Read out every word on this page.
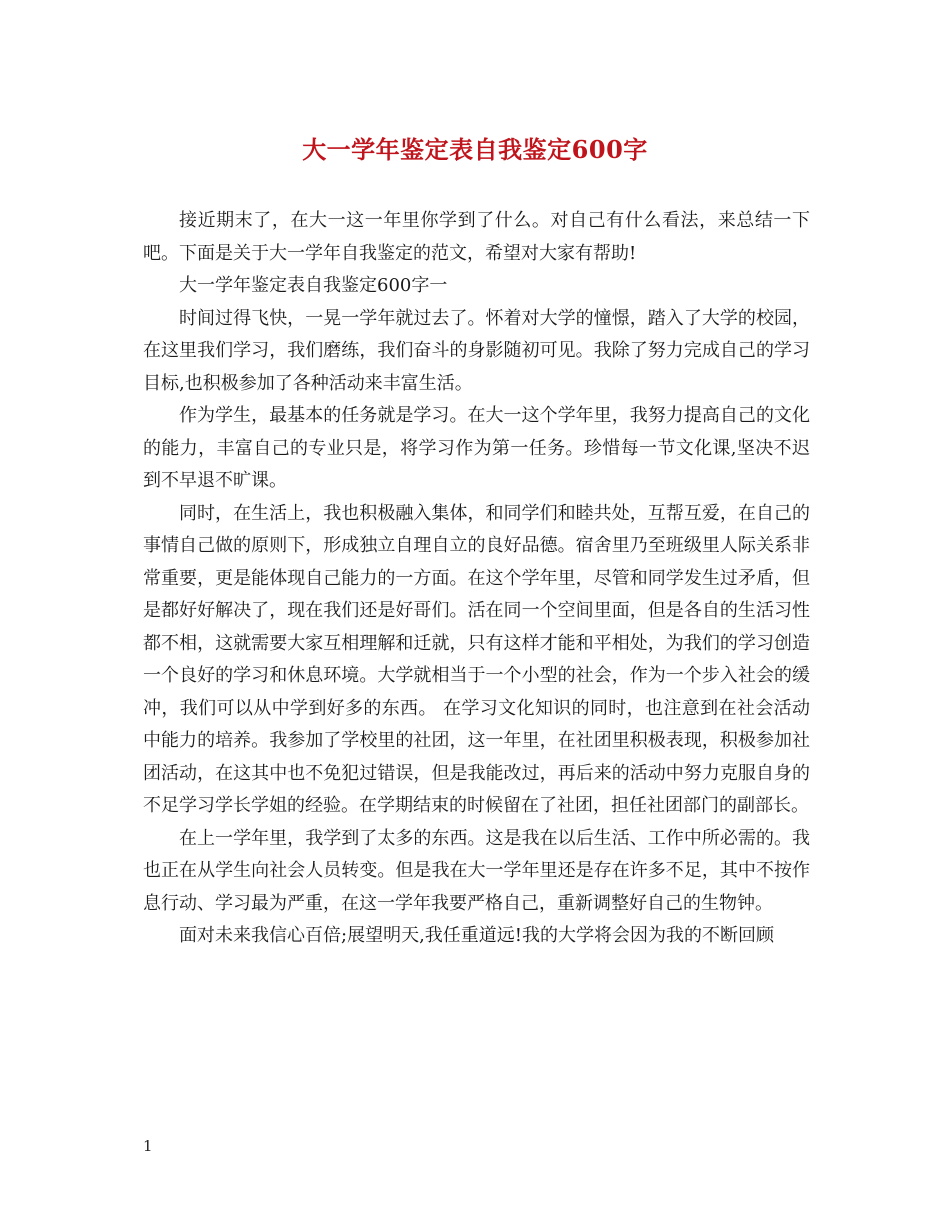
大一学年鉴定表自我鉴定600字

接近期末了，在大一这一年里你学到了什么。对自己有什么看法，来总结一下吧。下面是关于大一学年自我鉴定的范文，希望对大家有帮助!

大一学年鉴定表自我鉴定600字一

时间过得飞快，一晃一学年就过去了。怀着对大学的憧憬，踏入了大学的校园，在这里我们学习，我们磨练，我们奋斗的身影随初可见。我除了努力完成自己的学习目标,也积极参加了各种活动来丰富生活。

作为学生，最基本的任务就是学习。在大一这个学年里，我努力提高自己的文化的能力，丰富自己的专业只是，将学习作为第一任务。珍惜每一节文化课,坚决不迟到不早退不旷课。

同时，在生活上，我也积极融入集体，和同学们和睦共处，互帮互爱，在自己的事情自己做的原则下，形成独立自理自立的良好品德。宿舍里乃至班级里人际关系非常重要，更是能体现自己能力的一方面。在这个学年里，尽管和同学发生过矛盾，但是都好好解决了，现在我们还是好哥们。活在同一个空间里面，但是各自的生活习性都不相，这就需要大家互相理解和迁就，只有这样才能和平相处，为我们的学习创造一个良好的学习和休息环境。大学就相当于一个小型的社会，作为一个步入社会的缓冲，我们可以从中学到好多的东西。 在学习文化知识的同时，也注意到在社会活动中能力的培养。我参加了学校里的社团，这一年里，在社团里积极表现，积极参加社团活动，在这其中也不免犯过错误，但是我能改过，再后来的活动中努力克服自身的不足学习学长学姐的经验。在学期结束的时候留在了社团，担任社团部门的副部长。

在上一学年里，我学到了太多的东西。这是我在以后生活、工作中所必需的。我也正在从学生向社会人员转变。但是我在大一学年里还是存在许多不足，其中不按作息行动、学习最为严重，在这一学年我要严格自己，重新调整好自己的生物钟。

面对未来我信心百倍;展望明天,我任重道远!我的大学将会因为我的不断回顾

1
